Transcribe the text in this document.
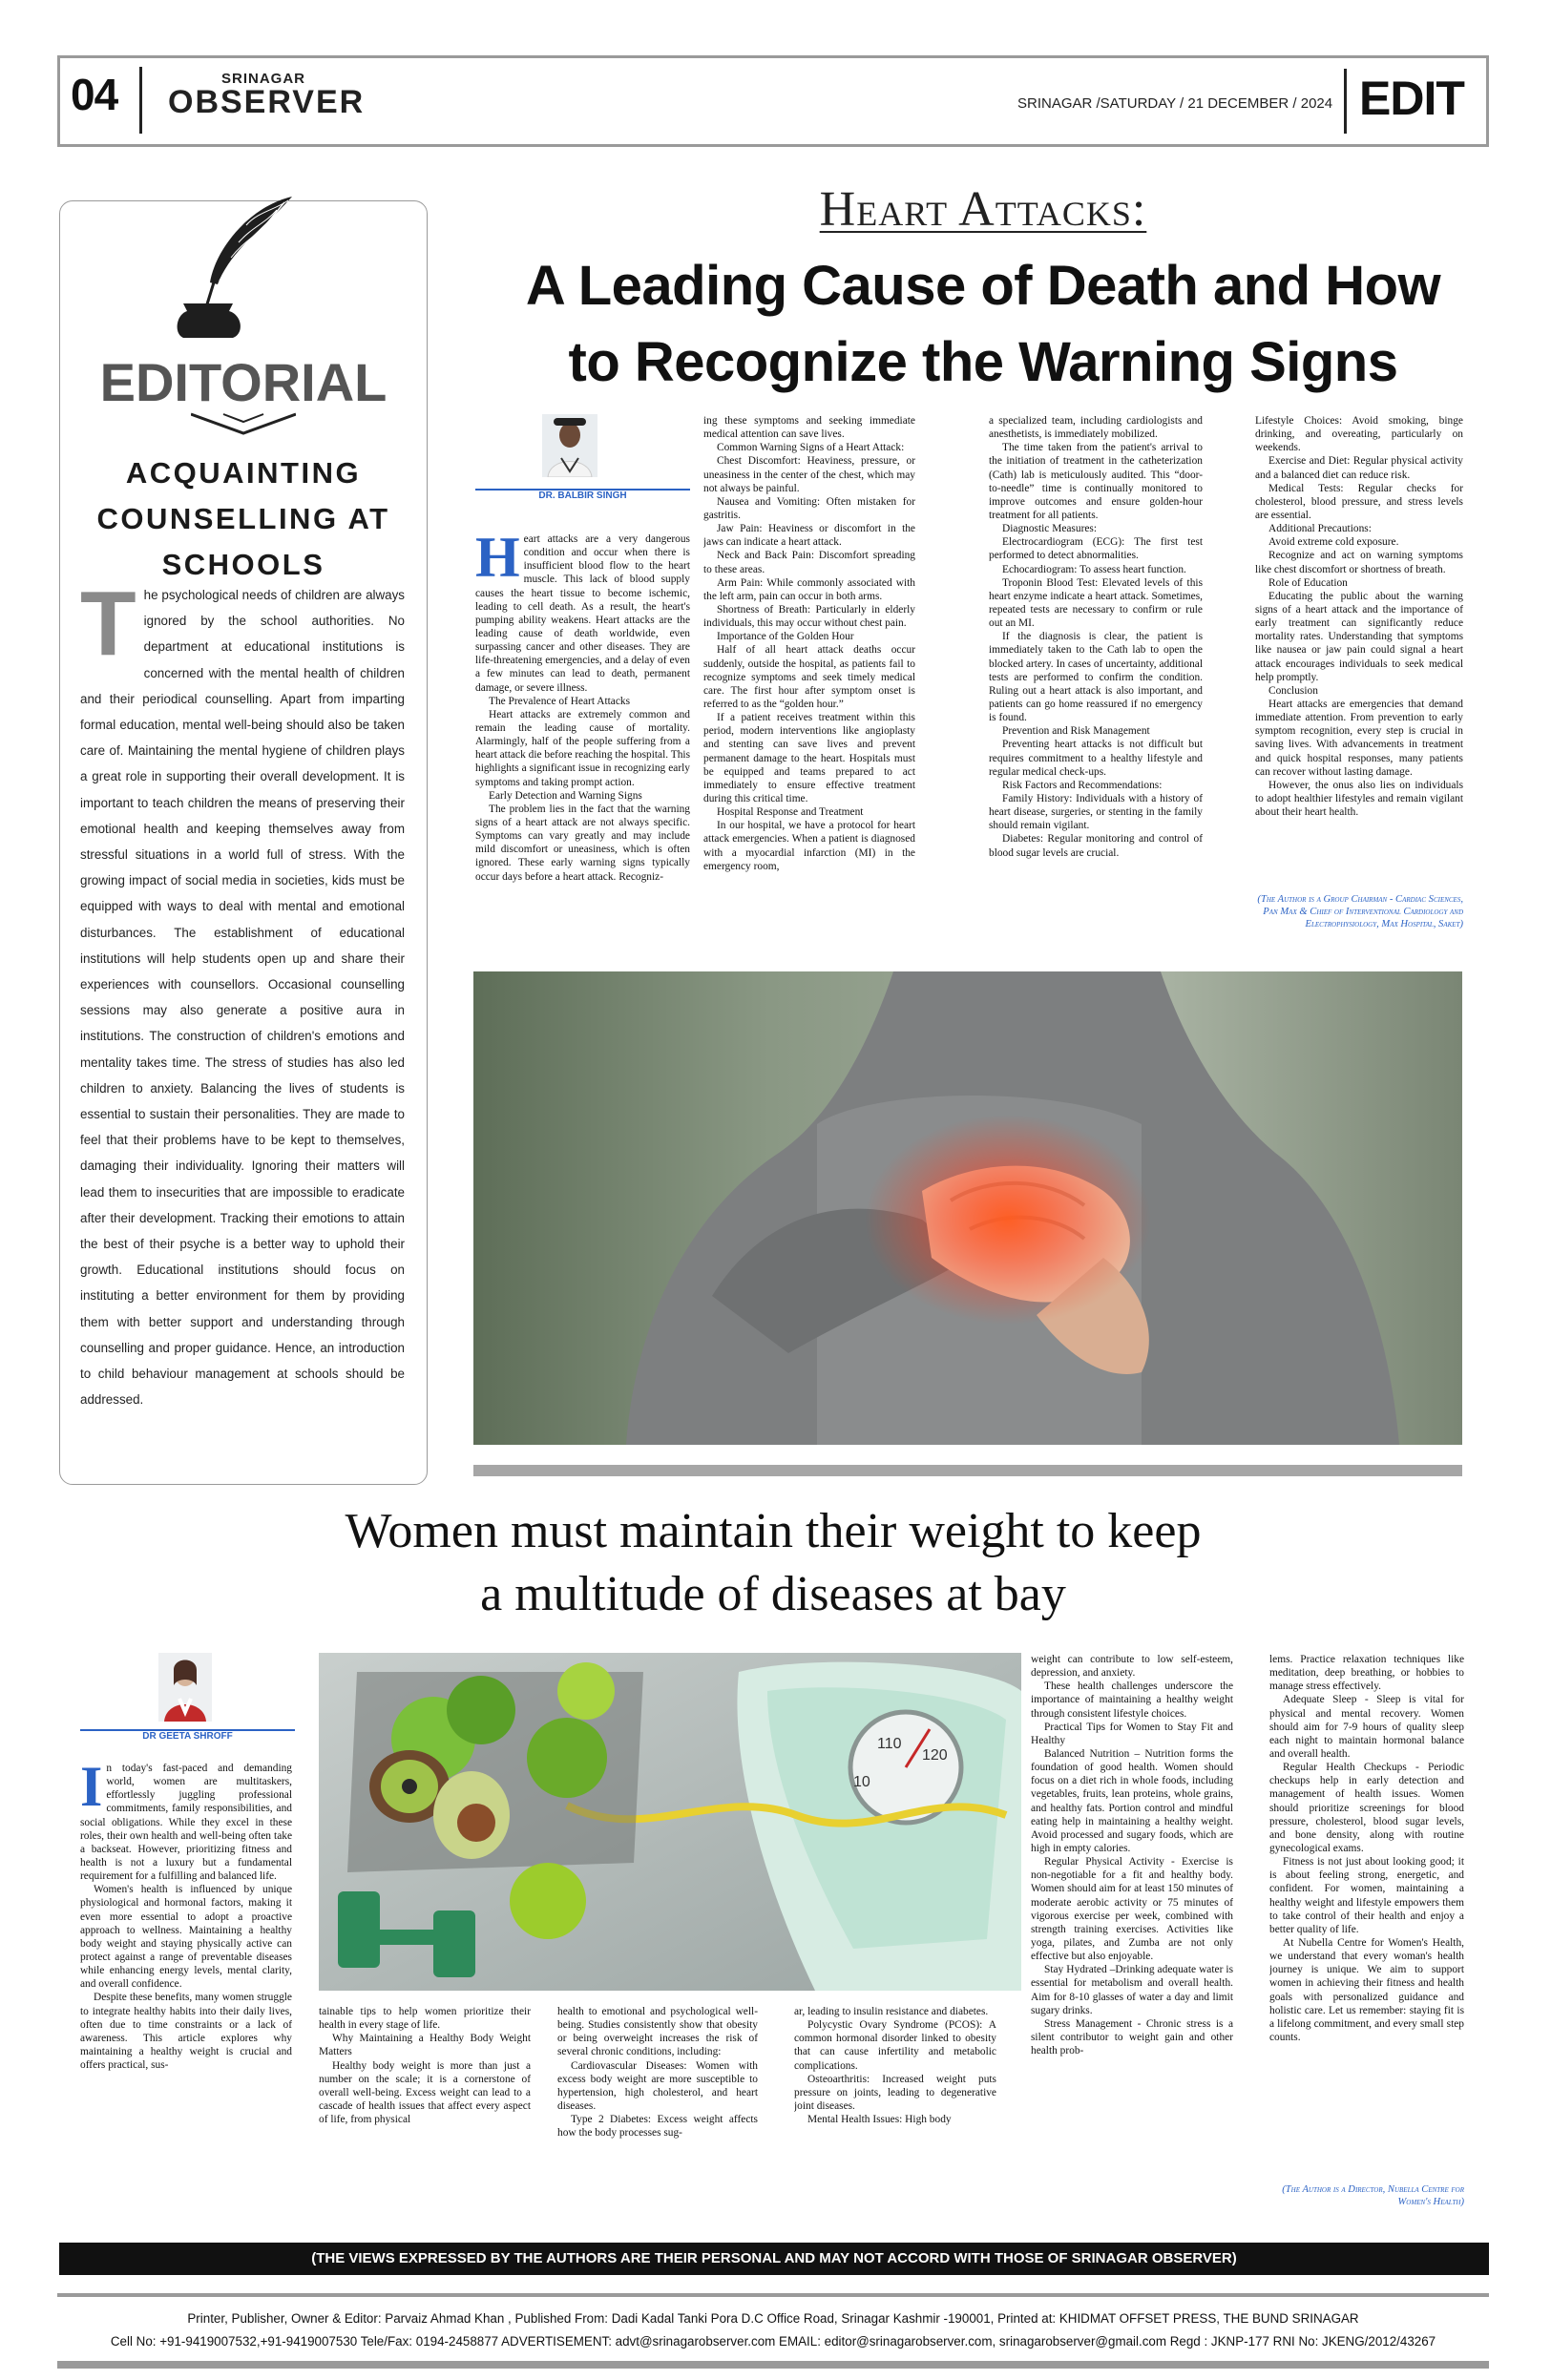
04	SRINAGAR
OBSERVER	SRINAGAR /SATURDAY / 21 DECEMBER / 2024 EDIT
EDITORIAL
ACQUAINTING
COUNSELLING AT
SCHOOLS
The psychological needs of children are always ignored by the school authorities. No department at educational institutions is concerned with the mental health of children and their periodical counselling. Apart from imparting formal education, mental well-being should also be taken care of. Maintaining the mental hygiene of children plays a great role in supporting their overall development. It is important to teach children the means of preserving their emotional health and keeping themselves away from stressful situations in a world full of stress. With the growing impact of social media in societies, kids must be equipped with ways to deal with mental and emotional disturbances. The establishment of educational institutions will help students open up and share their experiences with counsellors. Occasional counselling sessions may also generate a positive aura in institutions. The construction of children's emotions and mentality takes time. The stress of studies has also led children to anxiety. Balancing the lives of students is essential to sustain their personalities. They are made to feel that their problems have to be kept to themselves, damaging their individuality. Ignoring their matters will lead them to insecurities that are impossible to eradicate after their development. Tracking their emotions to attain the best of their psyche is a better way to uphold their growth. Educational institutions should focus on instituting a better environment for them by providing them with better support and understanding through counselling and proper guidance. Hence, an introduction to child behaviour management at schools should be addressed.
Heart Attacks:
A Leading Cause of Death and How
to Recognize the Warning Signs
DR. BALBIR SINGH
H eart attacks are a very dangerous condition and occur when there is insufficient blood flow to the heart muscle. This lack of blood supply causes the heart tissue to become ischemic, leading to cell death. As a result, the heart's pumping ability weakens. Heart attacks are the leading cause of death worldwide, even surpassing cancer and other diseases. They are life-threatening emergencies, and a delay of even a few minutes can lead to death, permanent damage, or severe illness.

The Prevalence of Heart Attacks

Heart attacks are extremely common and remain the leading cause of mortality. Alarmingly, half of the people suffering from a heart attack die before reaching the hospital. This highlights a significant issue in recognizing early symptoms and taking prompt action.

Early Detection and Warning Signs

The problem lies in the fact that the warning signs of a heart attack are not always specific. Symptoms can vary greatly and may include mild discomfort or uneasiness, which is often ignored. These early warning signs typically occur days before a heart attack. Recogniz-

ing these symptoms and seeking immediate medical attention can save lives.

Common Warning Signs of a Heart Attack:

Chest Discomfort: Heaviness, pressure, or uneasiness in the center of the chest, which may not always be painful.

Nausea and Vomiting: Often mistaken for gastritis.

Jaw Pain: Heaviness or discomfort in the jaws can indicate a heart attack.

Neck and Back Pain: Discomfort spreading to these areas.

Arm Pain: While commonly associated with the left arm, pain can occur in both arms.

Shortness of Breath: Particularly in elderly individuals, this may occur without chest pain.

Importance of the Golden Hour

Half of all heart attack deaths occur suddenly, outside the hospital, as patients fail to recognize symptoms and seek timely medical care. The first hour after symptom onset is referred to as the “golden hour.”

If a patient receives treatment within this period, modern interventions like angioplasty and stenting can save lives and prevent permanent damage to the heart. Hospitals must be equipped and teams prepared to act immediately to ensure effective treatment during this critical time.

Hospital Response and Treatment

In our hospital, we have a protocol for heart attack emergencies. When a patient is diagnosed with a myocardial infarction (MI) in the emergency room,

a specialized team, including cardiologists and anesthetists, is immediately mobilized.

The time taken from the patient's arrival to the initiation of treatment in the catheterization (Cath) lab is meticulously audited. This “door-to-needle” time is continually monitored to improve outcomes and ensure golden-hour treatment for all patients.

Diagnostic Measures:

Electrocardiogram (ECG): The first test performed to detect abnormalities.

Echocardiogram: To assess heart function.

Troponin Blood Test: Elevated levels of this heart enzyme indicate a heart attack. Sometimes, repeated tests are necessary to confirm or rule out an MI.

If the diagnosis is clear, the patient is immediately taken to the Cath lab to open the blocked artery. In cases of uncertainty, additional tests are performed to confirm the condition. Ruling out a heart attack is also important, and patients can go home reassured if no emergency is found.

Prevention and Risk Management

Preventing heart attacks is not difficult but requires commitment to a healthy lifestyle and regular medical check-ups.

Risk Factors and Recommendations:

Family History: Individuals with a history of heart disease, surgeries, or stenting in the family should remain vigilant.

Diabetes: Regular monitoring and control of blood sugar levels are crucial.

Lifestyle Choices: Avoid smoking, binge drinking, and overeating, particularly on weekends.

Exercise and Diet: Regular physical activity and a balanced diet can reduce risk.

Medical Tests: Regular checks for cholesterol, blood pressure, and stress levels are essential.

Additional Precautions:

Avoid extreme cold exposure.

Recognize and act on warning symptoms like chest discomfort or shortness of breath.

Role of Education

Educating the public about the warning signs of a heart attack and the importance of early treatment can significantly reduce mortality rates. Understanding that symptoms like nausea or jaw pain could signal a heart attack encourages individuals to seek medical help promptly.

Conclusion

Heart attacks are emergencies that demand immediate attention. From prevention to early symptom recognition, every step is crucial in saving lives. With advancements in treatment and quick hospital responses, many patients can recover without lasting damage.

However, the onus also lies on individuals to adopt healthier lifestyles and remain vigilant about their heart health.

(The Author is a Group Chairman - Cardiac Sciences, Pan Max & Chief of Interventional Cardiology and Electrophysiology, Max Hospital, Saket)
Women must maintain their weight to keep
a multitude of diseases at bay
DR GEETA SHROFF
I n today's fast-paced and demanding world, women are multitaskers, effortlessly juggling professional commitments, family responsibilities, and social obligations. While they excel in these roles, their own health and well-being often take a backseat. However, prioritizing fitness and health is not a luxury but a fundamental requirement for a fulfilling and balanced life.

Women's health is influenced by unique physiological and hormonal factors, making it even more essential to adopt a proactive approach to wellness. Maintaining a healthy body weight and staying physically active can protect against a range of preventable diseases while enhancing energy levels, mental clarity, and overall confidence.

Despite these benefits, many women struggle to integrate healthy habits into their daily lives, often due to time constraints or a lack of awareness. This article explores why maintaining a healthy weight is crucial and offers practical, sus-

110
120
10

tainable tips to help women prioritize their health in every stage of life.

Why Maintaining a Healthy Body Weight Matters

Healthy body weight is more than just a number on the scale; it is a cornerstone of overall well-being. Excess weight can lead to a cascade of health issues that affect every aspect of life, from physical

health to emotional and psychological well-being. Studies consistently show that obesity or being overweight increases the risk of several chronic conditions, including:

Cardiovascular Diseases: Women with excess body weight are more susceptible to hypertension, high cholesterol, and heart diseases.

Type 2 Diabetes: Excess weight affects how the body processes sug-

ar, leading to insulin resistance and diabetes.

Polycystic Ovary Syndrome (PCOS): A common hormonal disorder linked to obesity that can cause infertility and metabolic complications.

Osteoarthritis: Increased weight puts pressure on joints, leading to degenerative joint diseases.

Mental Health Issues: High body

weight can contribute to low self-esteem, depression, and anxiety.

These health challenges underscore the importance of maintaining a healthy weight through consistent lifestyle choices.

Practical Tips for Women to Stay Fit and Healthy

Balanced Nutrition – Nutrition forms the foundation of good health. Women should focus on a diet rich in whole foods, including vegetables, fruits, lean proteins, whole grains, and healthy fats. Portion control and mindful eating help in maintaining a healthy weight. Avoid processed and sugary foods, which are high in empty calories.

Regular Physical Activity - Exercise is non-negotiable for a fit and healthy body. Women should aim for at least 150 minutes of moderate aerobic activity or 75 minutes of vigorous exercise per week, combined with strength training exercises. Activities like yoga, pilates, and Zumba are not only effective but also enjoyable.

Stay Hydrated –Drinking adequate water is essential for metabolism and overall health. Aim for 8-10 glasses of water a day and limit sugary drinks.

Stress Management - Chronic stress is a silent contributor to weight gain and other health prob-

lems. Practice relaxation techniques like meditation, deep breathing, or hobbies to manage stress effectively.

Adequate Sleep - Sleep is vital for physical and mental recovery. Women should aim for 7-9 hours of quality sleep each night to maintain hormonal balance and overall health.

Regular Health Checkups - Periodic checkups help in early detection and management of health issues. Women should prioritize screenings for blood pressure, cholesterol, blood sugar levels, and bone density, along with routine gynecological exams.

Fitness is not just about looking good; it is about feeling strong, energetic, and confident. For women, maintaining a healthy weight and lifestyle empowers them to take control of their health and enjoy a better quality of life.

At Nubella Centre for Women's Health, we understand that every woman's health journey is unique. We aim to support women in achieving their fitness and health goals with personalized guidance and holistic care. Let us remember: staying fit is a lifelong commitment, and every small step counts.

(The Author is a Director, Nubella Centre for Women's Health)
(THE VIEWS EXPRESSED BY THE AUTHORS ARE THEIR PERSONAL AND MAY NOT ACCORD WITH THOSE OF SRINAGAR OBSERVER)
Printer, Publisher, Owner & Editor: Parvaiz Ahmad Khan , Published From: Dadi Kadal Tanki Pora D.C Office Road, Srinagar Kashmir -190001, Printed at: KHIDMAT OFFSET PRESS, THE BUND SRINAGAR
Cell No: +91-9419007532,+91-9419007530 Tele/Fax: 0194-2458877 ADVERTISEMENT: advt@srinagarobserver.com EMAIL: editor@srinagarobserver.com, srinagarobserver@gmail.com Regd : JKNP-177 RNI No: JKENG/2012/43267
